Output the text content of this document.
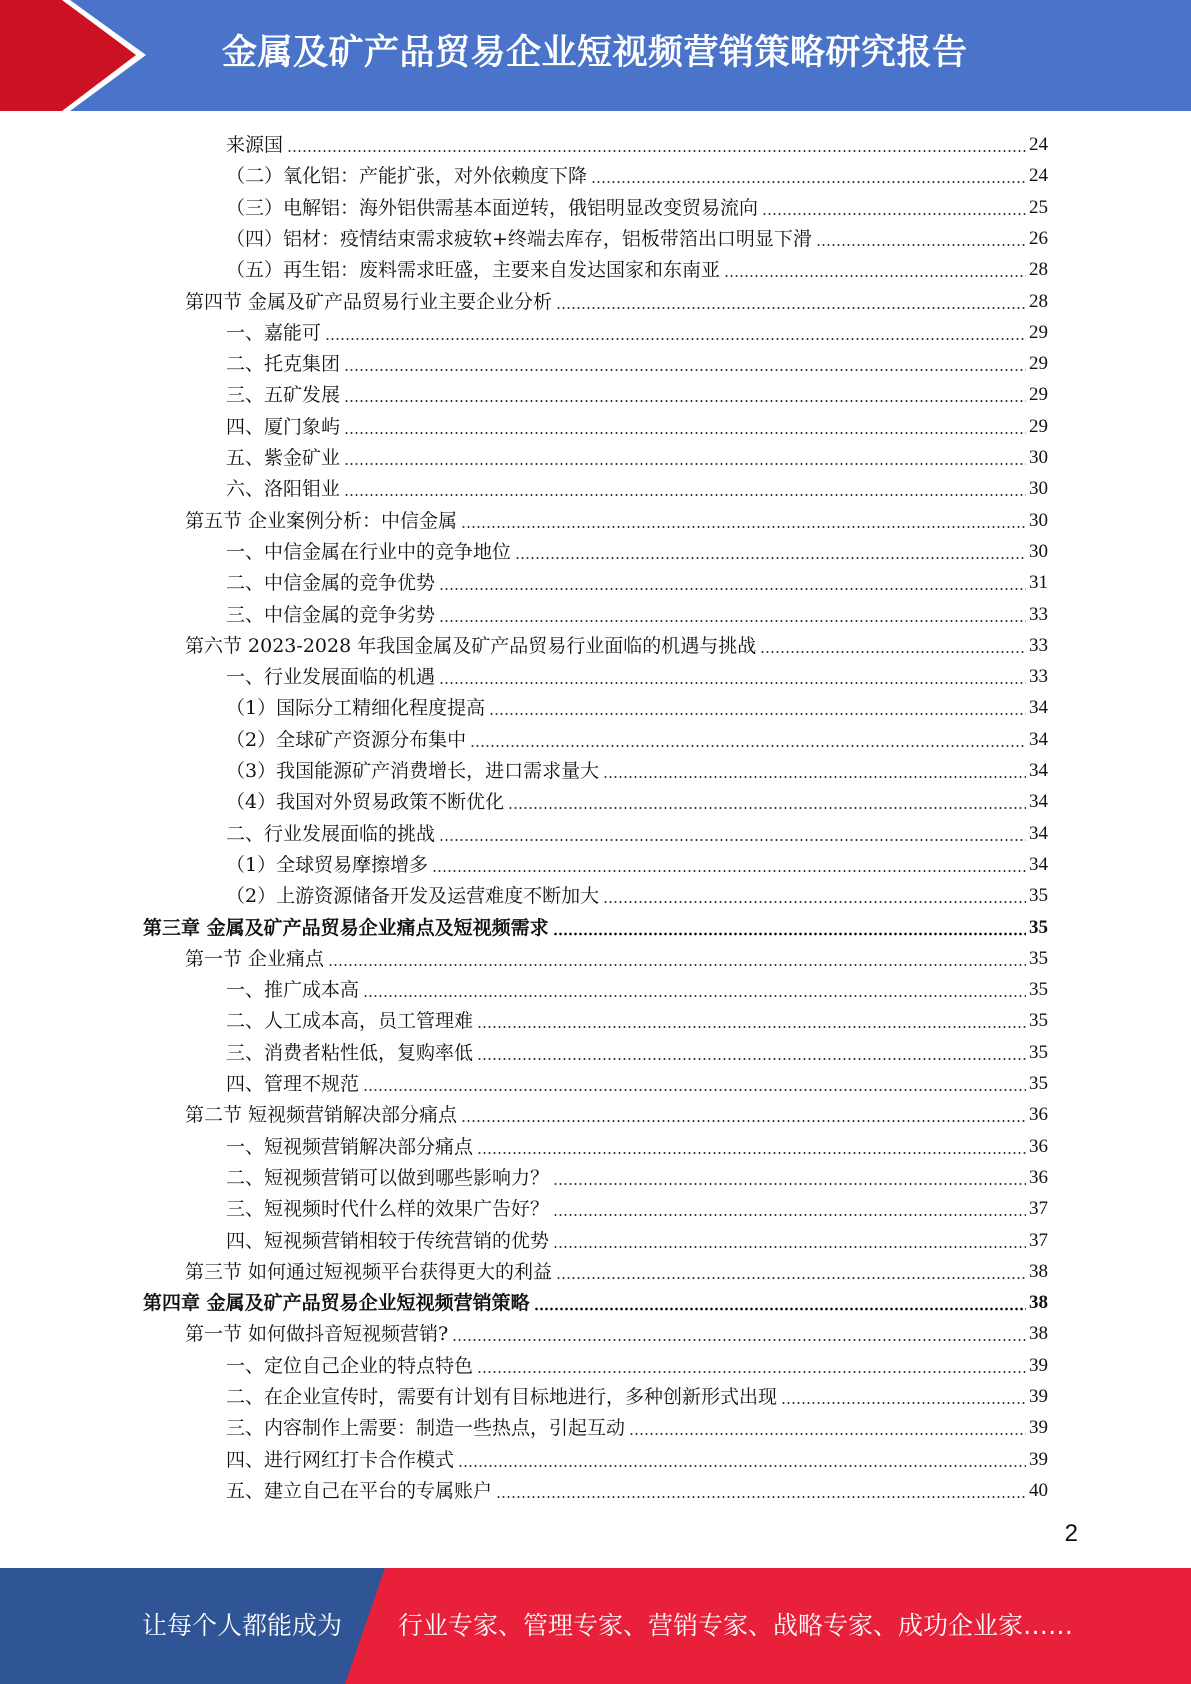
金属及矿产品贸易企业短视频营销策略研究报告
来源国	24
（二）氧化铝：产能扩张，对外依赖度下降	24
（三）电解铝：海外铝供需基本面逆转，俄铝明显改变贸易流向	25
（四）铝材：疫情结束需求疲软+终端去库存，铝板带箔出口明显下滑	26
（五）再生铝：废料需求旺盛，主要来自发达国家和东南亚	28
第四节 金属及矿产品贸易行业主要企业分析	28
一、嘉能可	29
二、托克集团	29
三、五矿发展	29
四、厦门象屿	29
五、紫金矿业	30
六、洛阳钼业	30
第五节 企业案例分析：中信金属	30
一、中信金属在行业中的竞争地位	30
二、中信金属的竞争优势	31
三、中信金属的竞争劣势	33
第六节 2023-2028 年我国金属及矿产品贸易行业面临的机遇与挑战	33
一、行业发展面临的机遇	33
（1）国际分工精细化程度提高	34
（2）全球矿产资源分布集中	34
（3）我国能源矿产消费增长，进口需求量大	34
（4）我国对外贸易政策不断优化	34
二、行业发展面临的挑战	34
（1）全球贸易摩擦增多	34
（2）上游资源储备开发及运营难度不断加大	35
第三章 金属及矿产品贸易企业痛点及短视频需求	35
第一节 企业痛点	35
一、推广成本高	35
二、人工成本高，员工管理难	35
三、消费者粘性低，复购率低	35
四、管理不规范	35
第二节 短视频营销解决部分痛点	36
一、短视频营销解决部分痛点	36
二、短视频营销可以做到哪些影响力？	36
三、短视频时代什么样的效果广告好？	37
四、短视频营销相较于传统营销的优势	37
第三节 如何通过短视频平台获得更大的利益	38
第四章 金属及矿产品贸易企业短视频营销策略	38
第一节 如何做抖音短视频营销?	38
一、定位自己企业的特点特色	39
二、在企业宣传时，需要有计划有目标地进行，多种创新形式出现	39
三、内容制作上需要：制造一些热点，引起互动	39
四、进行网红打卡合作模式	39
五、建立自己在平台的专属账户	40
2
让每个人都能成为 行业专家、管理专家、营销专家、战略专家、成功企业家……
